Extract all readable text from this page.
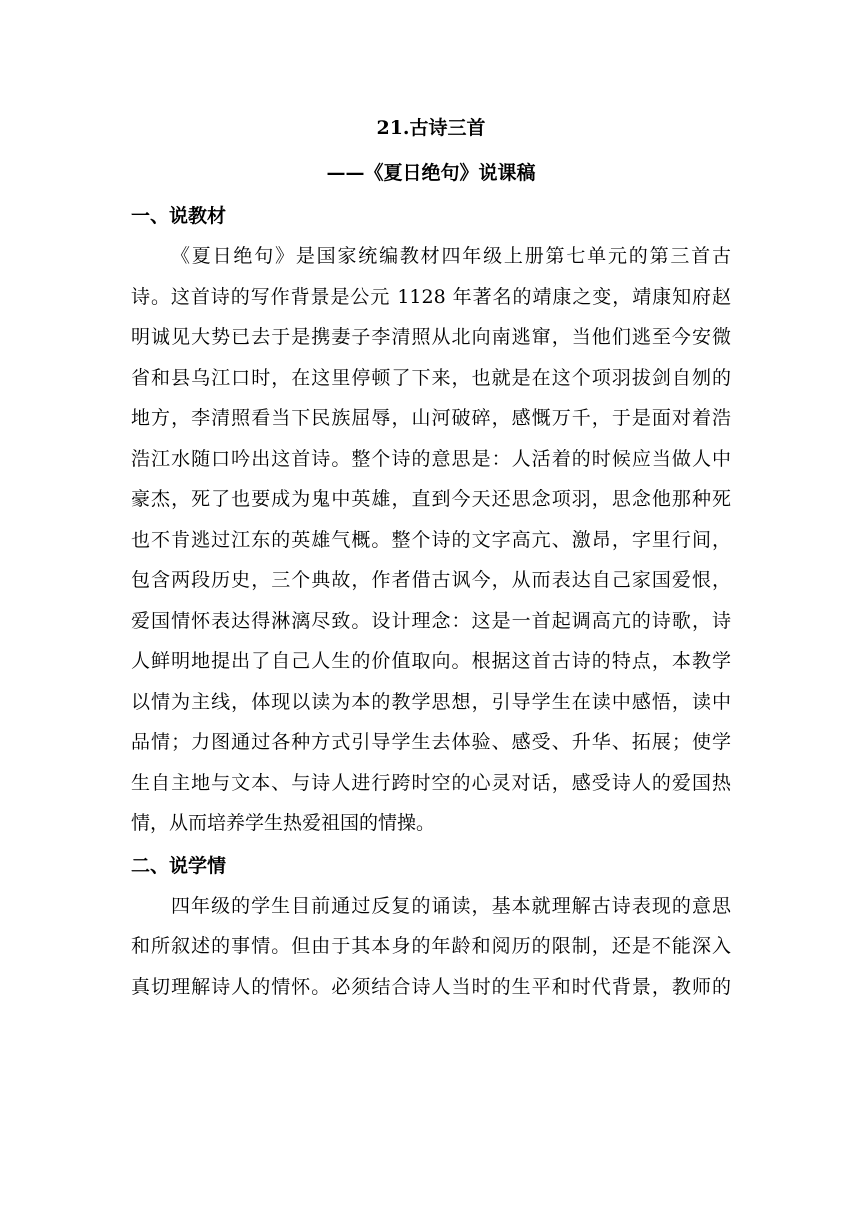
21.古诗三首
——《夏日绝句》说课稿
一、说教材
《夏日绝句》是国家统编教材四年级上册第七单元的第三首古
诗。这首诗的写作背景是公元 1128 年著名的靖康之变，靖康知府赵
明诚见大势已去于是携妻子李清照从北向南逃窜，当他们逃至今安微
省和县乌江口时，在这里停顿了下来，也就是在这个项羽拔剑自刎的
地方，李清照看当下民族屈辱，山河破碎，感慨万千，于是面对着浩
浩江水随口吟出这首诗。整个诗的意思是：人活着的时候应当做人中
豪杰，死了也要成为鬼中英雄，直到今天还思念项羽，思念他那种死
也不肯逃过江东的英雄气概。整个诗的文字高亢、激昂，字里行间，
包含两段历史，三个典故，作者借古讽今，从而表达自己家国爱恨，
爱国情怀表达得淋漓尽致。设计理念：这是一首起调高亢的诗歌，诗
人鲜明地提出了自己人生的价值取向。根据这首古诗的特点，本教学
以情为主线，体现以读为本的教学思想，引导学生在读中感悟，读中
品情；力图通过各种方式引导学生去体验、感受、升华、拓展；使学
生自主地与文本、与诗人进行跨时空的心灵对话，感受诗人的爱国热
情，从而培养学生热爱祖国的情操。
二、说学情
四年级的学生目前通过反复的诵读，基本就理解古诗表现的意思
和所叙述的事情。但由于其本身的年龄和阅历的限制，还是不能深入
真切理解诗人的情怀。必须结合诗人当时的生平和时代背景，教师的
